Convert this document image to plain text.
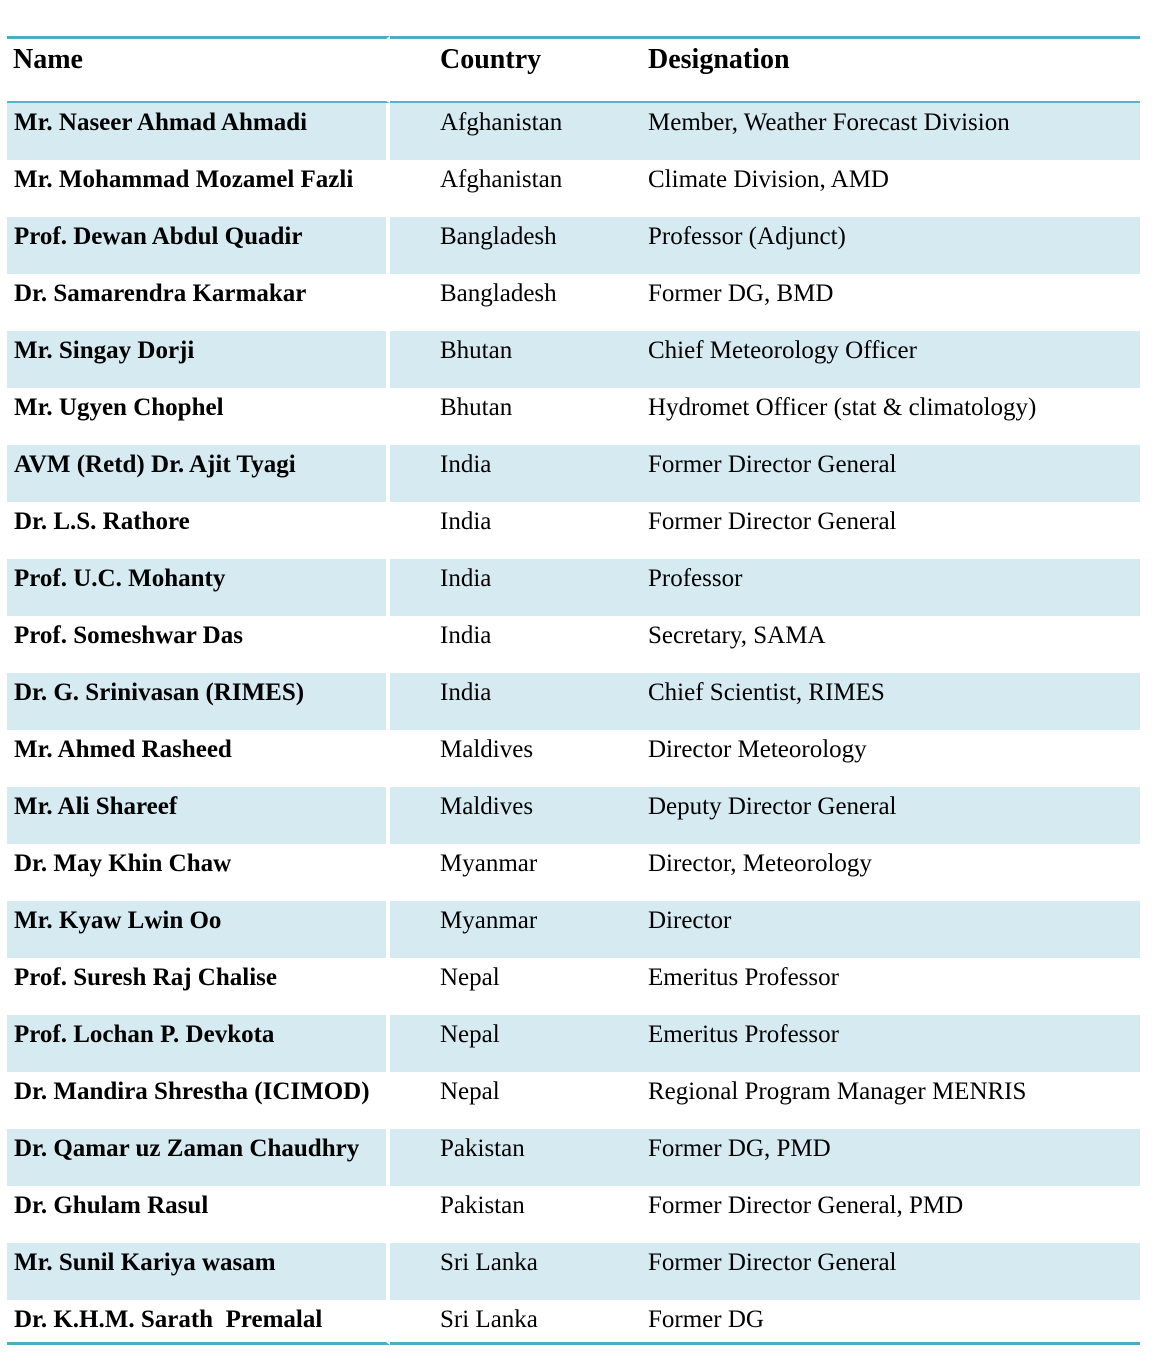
Name	Country	Designation
Mr. Naseer Ahmad Ahmadi	Afghanistan	Member, Weather Forecast Division
Mr. Mohammad Mozamel Fazli	Afghanistan	Climate Division, AMD
Prof. Dewan Abdul Quadir	Bangladesh	Professor (Adjunct)
Dr. Samarendra Karmakar	Bangladesh	Former DG, BMD
Mr. Singay Dorji	Bhutan	Chief Meteorology Officer
Mr. Ugyen Chophel	Bhutan	Hydromet Officer (stat & climatology)
AVM (Retd) Dr. Ajit Tyagi	India	Former Director General
Dr. L.S. Rathore	India	Former Director General
Prof. U.C. Mohanty	India	Professor
Prof. Someshwar Das	India	Secretary, SAMA
Dr. G. Srinivasan (RIMES)	India	Chief Scientist, RIMES
Mr. Ahmed Rasheed	Maldives	Director Meteorology
Mr. Ali Shareef	Maldives	Deputy Director General
Dr. May Khin Chaw	Myanmar	Director, Meteorology
Mr. Kyaw Lwin Oo	Myanmar	Director
Prof. Suresh Raj Chalise	Nepal	Emeritus Professor
Prof. Lochan P. Devkota	Nepal	Emeritus Professor
Dr. Mandira Shrestha (ICIMOD)	Nepal	Regional Program Manager MENRIS
Dr. Qamar uz Zaman Chaudhry	Pakistan	Former DG, PMD
Dr. Ghulam Rasul	Pakistan	Former Director General, PMD
Mr. Sunil Kariya wasam	Sri Lanka	Former Director General
Dr. K.H.M. Sarath  Premalal	Sri Lanka	Former DG
